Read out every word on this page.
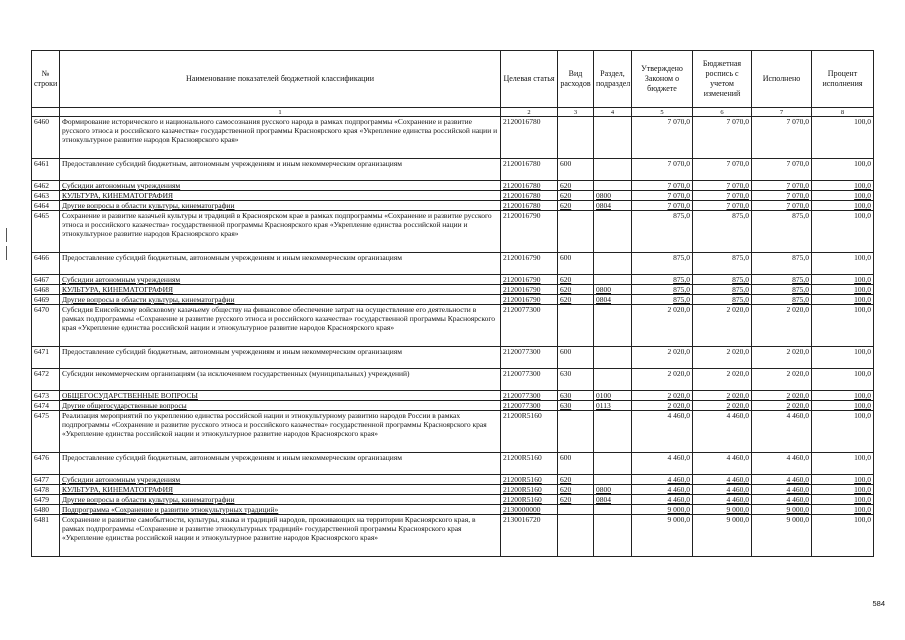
№ строки	Наименование показателей бюджетной классификации	Целевая статья	Вид расходов	Раздел, подраздел	Утверждено Законом о бюджете	Бюджетная роспись с учетом изменений	Исполнено	Процент исполнения
	1	2	3	4	5	6	7	8
6460	Формирование исторического и национального самосознания русского народа в рамках подпрограммы «Сохранение и развитие русского этноса и российского казачества» государственной программы Красноярского края «Укрепление единства российской нации и этнокультурное развитие народов Красноярского края»	2120016780			7 070,0	7 070,0	7 070,0	100,0
6461	Предоставление субсидий бюджетным, автономным учреждениям и иным некоммерческим организациям	2120016780	600		7 070,0	7 070,0	7 070,0	100,0
6462	Субсидии автономным учреждениям	2120016780	620		7 070,0	7 070,0	7 070,0	100,0
6463	КУЛЬТУРА, КИНЕМАТОГРАФИЯ	2120016780	620	0800	7 070,0	7 070,0	7 070,0	100,0
6464	Другие вопросы в области культуры, кинематографии	2120016780	620	0804	7 070,0	7 070,0	7 070,0	100,0
6465	Сохранение и развитие казачьей культуры и традиций в Красноярском крае в рамках подпрограммы «Сохранение и развитие русского этноса и российского казачества» государственной программы Красноярского края «Укрепление единства российской нации и этнокультурное развитие народов Красноярского края»	2120016790			875,0	875,0	875,0	100,0
6466	Предоставление субсидий бюджетным, автономным учреждениям и иным некоммерческим организациям	2120016790	600		875,0	875,0	875,0	100,0
6467	Субсидии автономным учреждениям	2120016790	620		875,0	875,0	875,0	100,0
6468	КУЛЬТУРА, КИНЕМАТОГРАФИЯ	2120016790	620	0800	875,0	875,0	875,0	100,0
6469	Другие вопросы в области культуры, кинематографии	2120016790	620	0804	875,0	875,0	875,0	100,0
6470	Субсидия Енисейскому войсковому казачьему обществу на финансовое обеспечение затрат на осуществление его деятельности в рамках подпрограммы «Сохранение и развитие русского этноса и российского казачества» государственной программы Красноярского края «Укрепление единства российской нации и этнокультурное развитие народов Красноярского края»	2120077300			2 020,0	2 020,0	2 020,0	100,0
6471	Предоставление субсидий бюджетным, автономным учреждениям и иным некоммерческим организациям	2120077300	600		2 020,0	2 020,0	2 020,0	100,0
6472	Субсидии некоммерческим организациям (за исключением государственных (муниципальных) учреждений)	2120077300	630		2 020,0	2 020,0	2 020,0	100,0
6473	ОБЩЕГОСУДАРСТВЕННЫЕ ВОПРОСЫ	2120077300	630	0100	2 020,0	2 020,0	2 020,0	100,0
6474	Другие общегосударственные вопросы	2120077300	630	0113	2 020,0	2 020,0	2 020,0	100,0
6475	Реализация мероприятий по укреплению единства российской нации и этнокультурному развитию народов России в рамках подпрограммы «Сохранение и развитие русского этноса и российского казачества» государственной программы Красноярского края «Укрепление единства российской нации и этнокультурное развитие народов Красноярского края»	21200R5160			4 460,0	4 460,0	4 460,0	100,0
6476	Предоставление субсидий бюджетным, автономным учреждениям и иным некоммерческим организациям	21200R5160	600		4 460,0	4 460,0	4 460,0	100,0
6477	Субсидии автономным учреждениям	21200R5160	620		4 460,0	4 460,0	4 460,0	100,0
6478	КУЛЬТУРА, КИНЕМАТОГРАФИЯ	21200R5160	620	0800	4 460,0	4 460,0	4 460,0	100,0
6479	Другие вопросы в области культуры, кинематографии	21200R5160	620	0804	4 460,0	4 460,0	4 460,0	100,0
6480	Подпрограмма «Сохранение и развитие этнокультурных традиций»	2130000000			9 000,0	9 000,0	9 000,0	100,0
6481	Сохранение и развитие самобытности, культуры, языка и традиций народов, проживающих на территории Красноярского края, в рамках подпрограммы «Сохранение и развитие этнокультурных традиций» государственной программы Красноярского края «Укрепление единства российской нации и этнокультурное развитие народов Красноярского края»	2130016720			9 000,0	9 000,0	9 000,0	100,0
584
